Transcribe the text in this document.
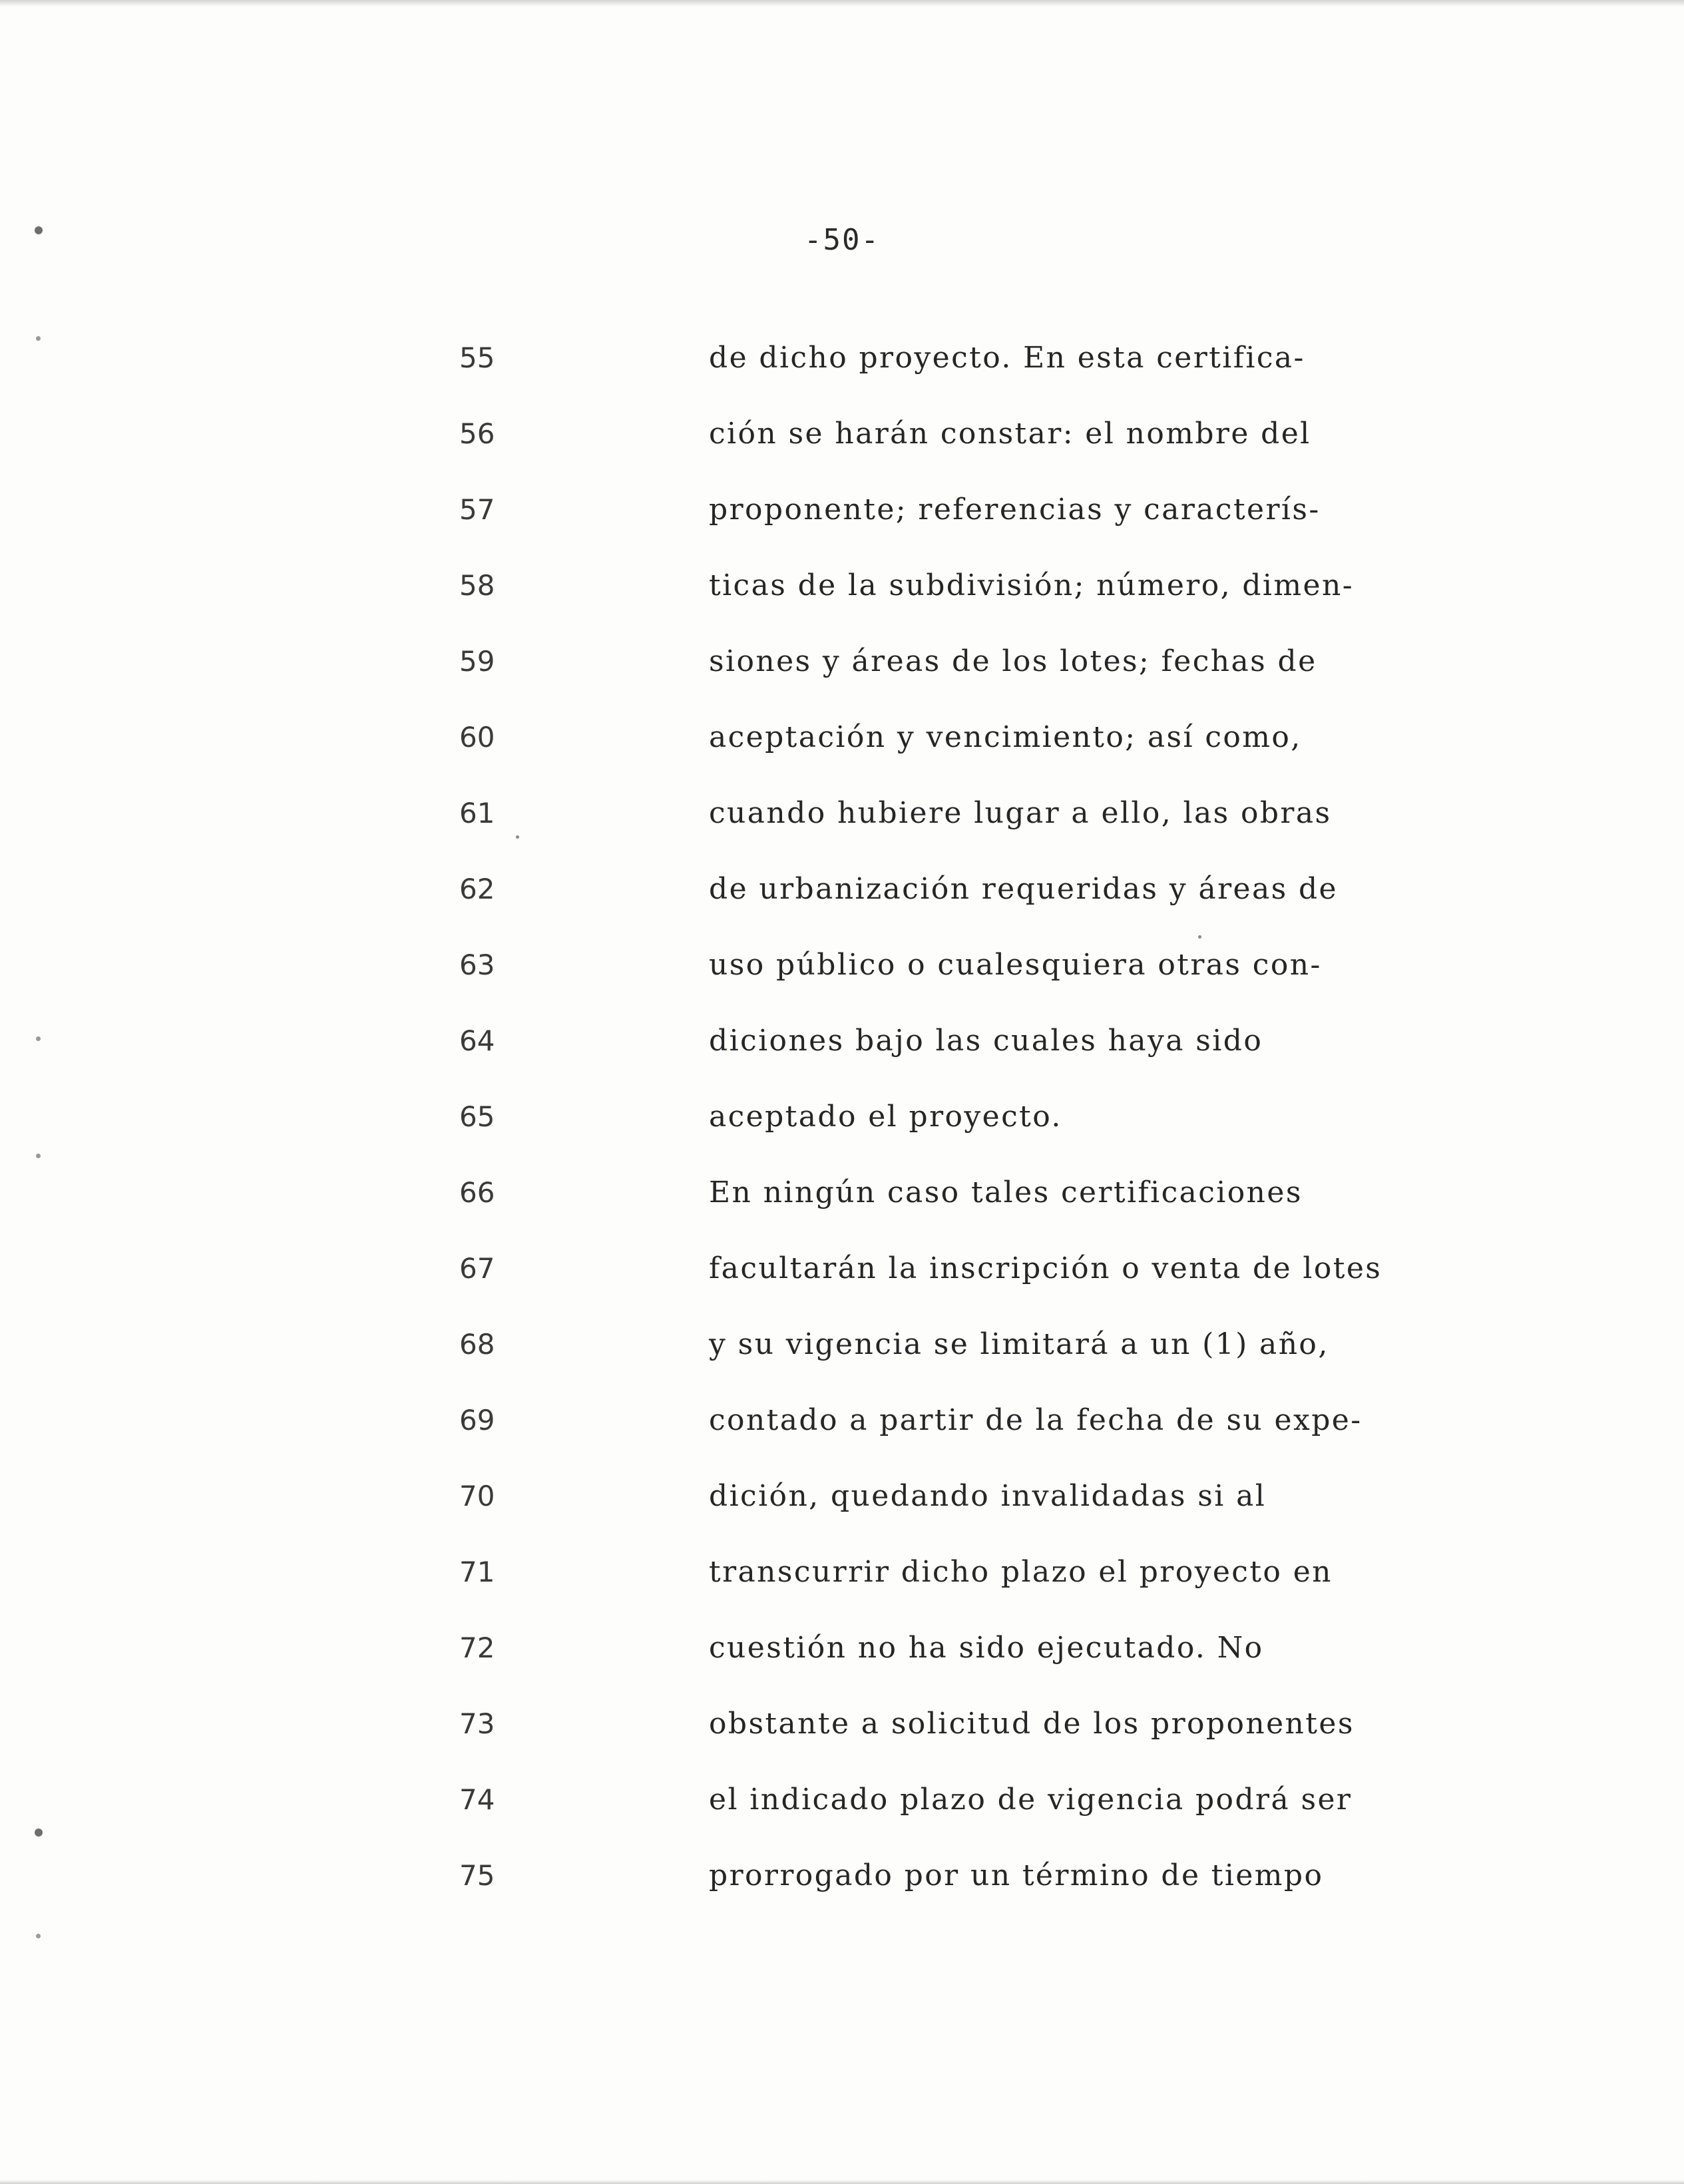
-50-
55
56
57
58
59
60
61
62
63
64
65
66
67
68
69
70
71
72
73
74
75
de dicho proyecto. En esta certifica-
ción se harán constar: el nombre del
proponente; referencias y caracterís-
ticas de la subdivisión; número, dimen-
siones y áreas de los lotes; fechas de
aceptación y vencimiento; así como,
cuando hubiere lugar a ello, las obras
de urbanización requeridas y áreas de
uso público o cualesquiera otras con-
diciones bajo las cuales haya sido
aceptado el proyecto.
En ningún caso tales certificaciones
facultarán la inscripción o venta de lotes
y su vigencia se limitará a un (1) año,
contado a partir de la fecha de su expe-
dición, quedando invalidadas si al
transcurrir dicho plazo el proyecto en
cuestión no ha sido ejecutado. No
obstante a solicitud de los proponentes
el indicado plazo de vigencia podrá ser
prorrogado por un término de tiempo
